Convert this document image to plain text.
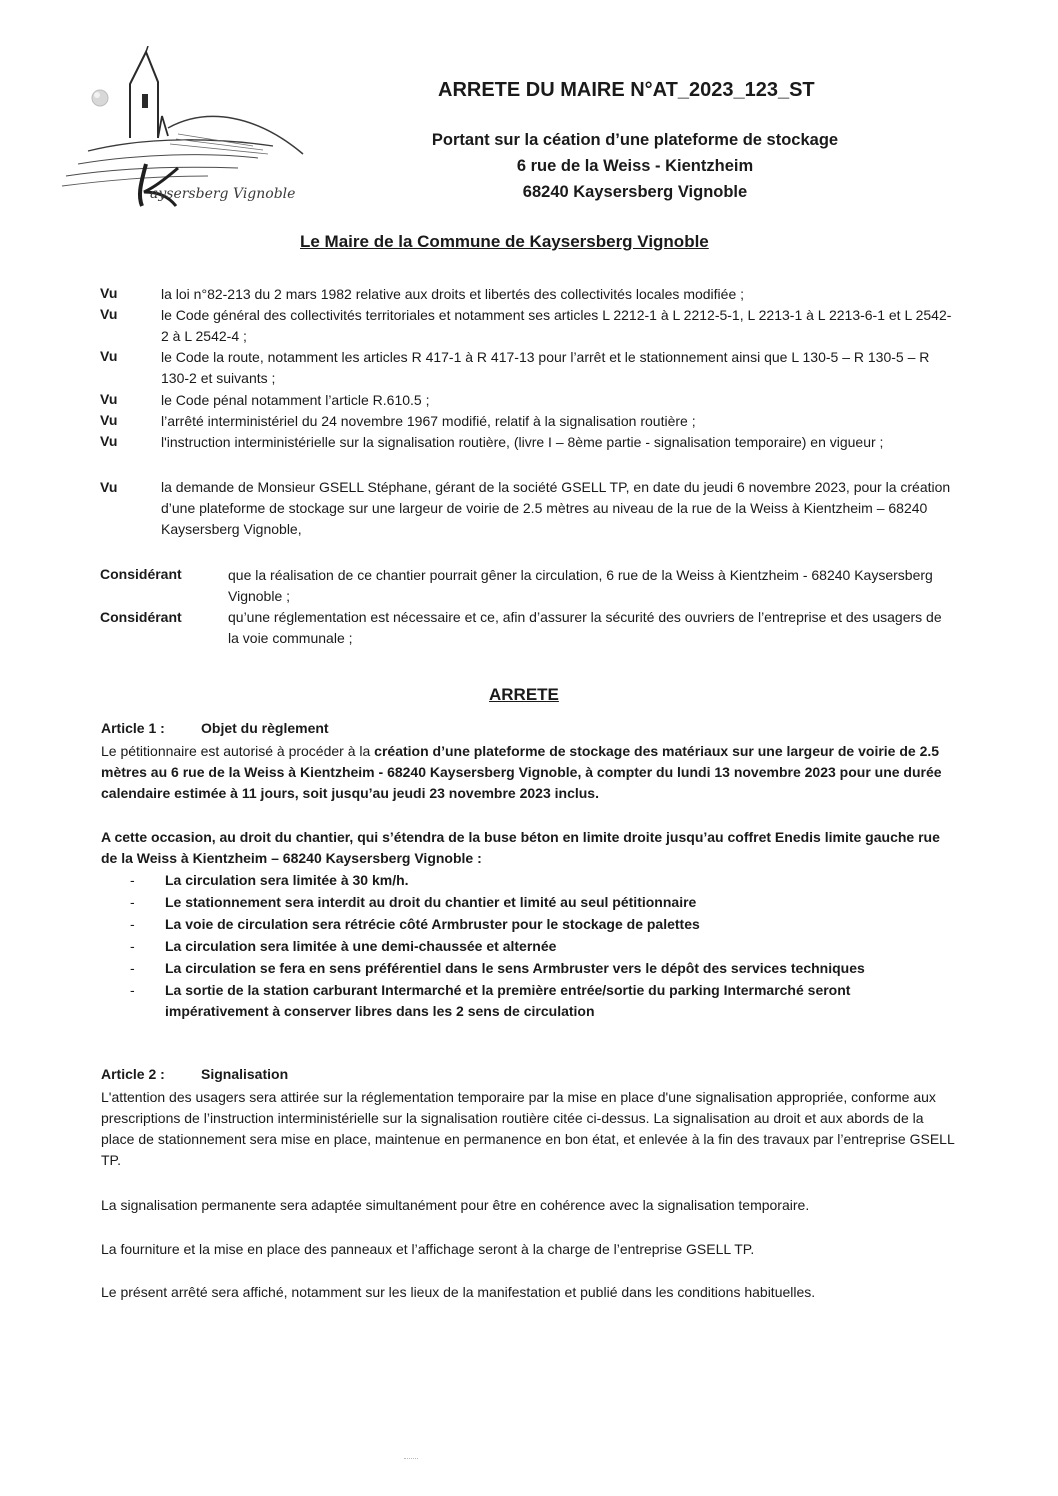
aysersberg Vignoble
ARRETE DU MAIRE N°AT_2023_123_ST
Portant sur la céation d’une plateforme de stockage
6 rue de la Weiss - Kientzheim
68240 Kaysersberg Vignoble
Le Maire de la Commune de Kaysersberg Vignoble
Vu	la loi n°82-213 du 2 mars 1982 relative aux droits et libertés des collectivités locales modifiée ;
Vu	le Code général des collectivités territoriales et notamment ses articles L 2212-1 à L 2212-5-1, L 2213-1 à L 2213-6-1 et L 2542-2 à L 2542-4 ;
Vu	le Code la route, notamment les articles R 417-1 à R 417-13 pour l’arrêt et le stationnement ainsi que L 130-5 – R 130-5 – R 130-2 et suivants ;
Vu	le Code pénal notamment l’article R.610.5 ;
Vu	l’arrêté interministériel du 24 novembre 1967 modifié, relatif à la signalisation routière ;
Vu	l'instruction interministérielle sur la signalisation routière, (livre I – 8ème partie - signalisation temporaire) en vigueur ;
Vu	la demande de Monsieur GSELL Stéphane, gérant de la société GSELL TP, en date du jeudi 6 novembre 2023, pour la création d’une plateforme de stockage sur une largeur de voirie de 2.5 mètres au niveau de la rue de la Weiss à Kientzheim – 68240 Kaysersberg Vignoble,
Considérant	que la réalisation de ce chantier pourrait gêner la circulation, 6 rue de la Weiss à Kientzheim - 68240 Kaysersberg Vignoble ;
Considérant	qu’une réglementation est nécessaire et ce, afin d’assurer la sécurité des ouvriers de l’entreprise et des usagers de la voie communale ;
ARRETE
Article 1 :	Objet du règlement
Le pétitionnaire est autorisé à procéder à la création d’une plateforme de stockage des matériaux sur une largeur de voirie de 2.5 mètres au 6 rue de la Weiss à Kientzheim - 68240 Kaysersberg Vignoble, à compter du lundi 13 novembre 2023 pour une durée calendaire estimée à 11 jours, soit jusqu’au jeudi 23 novembre 2023 inclus.
A cette occasion, au droit du chantier, qui s’étendra de la buse béton en limite droite jusqu’au coffret Enedis limite gauche rue de la Weiss à Kientzheim – 68240 Kaysersberg Vignoble :
- La circulation sera limitée à 30 km/h.
- Le stationnement sera interdit au droit du chantier et limité au seul pétitionnaire
- La voie de circulation sera rétrécie côté Armbruster pour le stockage de palettes
- La circulation sera limitée à une demi-chaussée et alternée
- La circulation se fera en sens préférentiel dans le sens Armbruster vers le dépôt des services techniques
- La sortie de la station carburant Intermarché et la première entrée/sortie du parking Intermarché seront impérativement à conserver libres dans les 2 sens de circulation
Article 2 :	Signalisation
L'attention des usagers sera attirée sur la réglementation temporaire par la mise en place d'une signalisation appropriée, conforme aux prescriptions de l’instruction interministérielle sur la signalisation routière citée ci-dessus. La signalisation au droit et aux abords de la place de stationnement sera mise en place, maintenue en permanence en bon état, et enlevée à la fin des travaux par l’entreprise GSELL TP.
La signalisation permanente sera adaptée simultanément pour être en cohérence avec la signalisation temporaire.
La fourniture et la mise en place des panneaux et l’affichage seront à la charge de l’entreprise GSELL TP.
Le présent arrêté sera affiché, notamment sur les lieux de la manifestation et publié dans les conditions habituelles.
